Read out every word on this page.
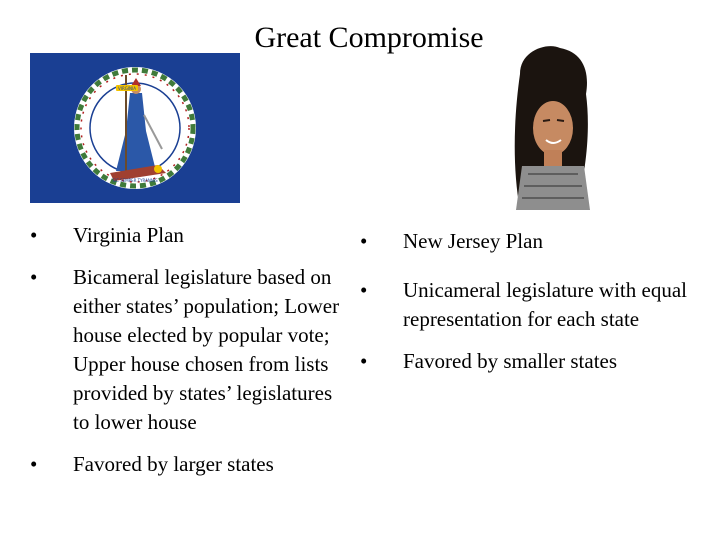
Great Compromise
VIRGINIA
SIC SEMPER TYRANNIS
•	Virginia Plan
•	Bicameral legislature based on either states’ population; Lower house elected by popular vote; Upper house chosen from lists provided by states’ legislatures to lower house
•	Favored by larger states
•	New Jersey Plan
•	Unicameral legislature with equal representation for each state
•	Favored by smaller states
